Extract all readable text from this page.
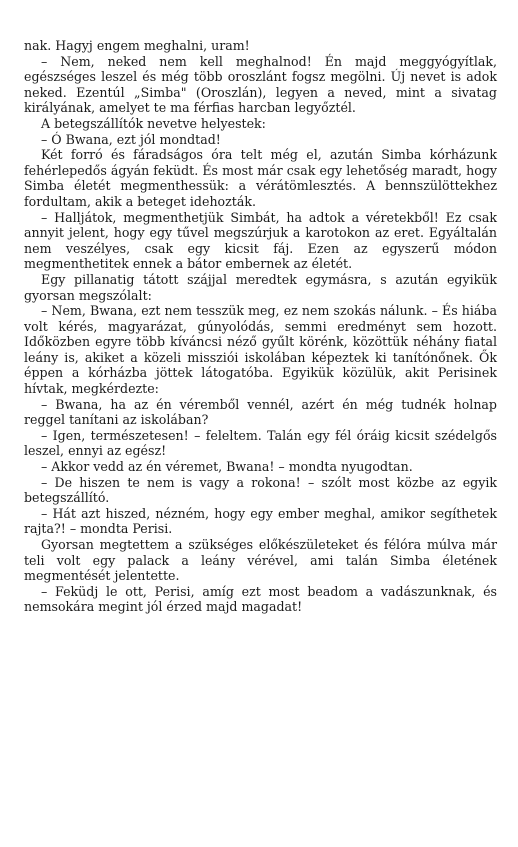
nak. Hagyj engem meghalni, uram!

– Nem, neked nem kell meghalnod! Én majd meggyógyítlak, egészséges leszel és még több oroszlánt fogsz megölni. Új nevet is adok neked. Ezentúl „Simba" (Oroszlán), legyen a neved, mint a sivatag királyának, amelyet te ma férfias harcban legyőztél.

A betegszállítók nevetve helyestek:

– Ó Bwana, ezt jól mondtad!

Két forró és fáradságos óra telt még el, azután Simba kórházunk fehérlepedős ágyán feküdt. És most már csak egy lehetőség maradt, hogy Simba életét megmenthessük: a vérátömlesztés. A bennszülöttekhez fordultam, akik a beteget idehozták.

– Halljátok, megmenthetjük Simbát, ha adtok a véretekből! Ez csak annyit jelent, hogy egy tűvel megszúrjuk a karotokon az eret. Egyáltalán nem veszélyes, csak egy kicsit fáj. Ezen az egyszerű módon megmenthetitek ennek a bátor embernek az életét.

Egy pillanatig tátott szájjal meredtek egymásra, s azután egyikük gyorsan megszólalt:

– Nem, Bwana, ezt nem tesszük meg, ez nem szokás nálunk. – És hiába volt kérés, magyarázat, gúnyolódás, semmi eredményt sem hozott. Időközben egyre több kíváncsi néző gyűlt körénk, közöttük néhány fiatal leány is, akiket a közeli missziói iskolában képeztek ki tanítónőnek. Ők éppen a kórházba jöttek látogatóba. Egyikük közülük, akit Perisinek hívtak, megkérdezte:

– Bwana, ha az én véremből vennél, azért én még tudnék holnap reggel tanítani az iskolában?

– Igen, természetesen! – feleltem. Talán egy fél óráig kicsit szédelgős leszel, ennyi az egész!

– Akkor vedd az én véremet, Bwana! – mondta nyugodtan.

– De hiszen te nem is vagy a rokona! – szólt most közbe az egyik betegszállító.

– Hát azt hiszed, nézném, hogy egy ember meghal, amikor segíthetek rajta?! – mondta Perisi.

Gyorsan megtettem a szükséges előkészületeket és félóra múlva már teli volt egy palack a leány vérével, ami talán Simba életének megmentését jelentette.

– Feküdj le ott, Perisi, amíg ezt most beadom a vadászunknak, és nemsokára megint jól érzed majd magadat!
